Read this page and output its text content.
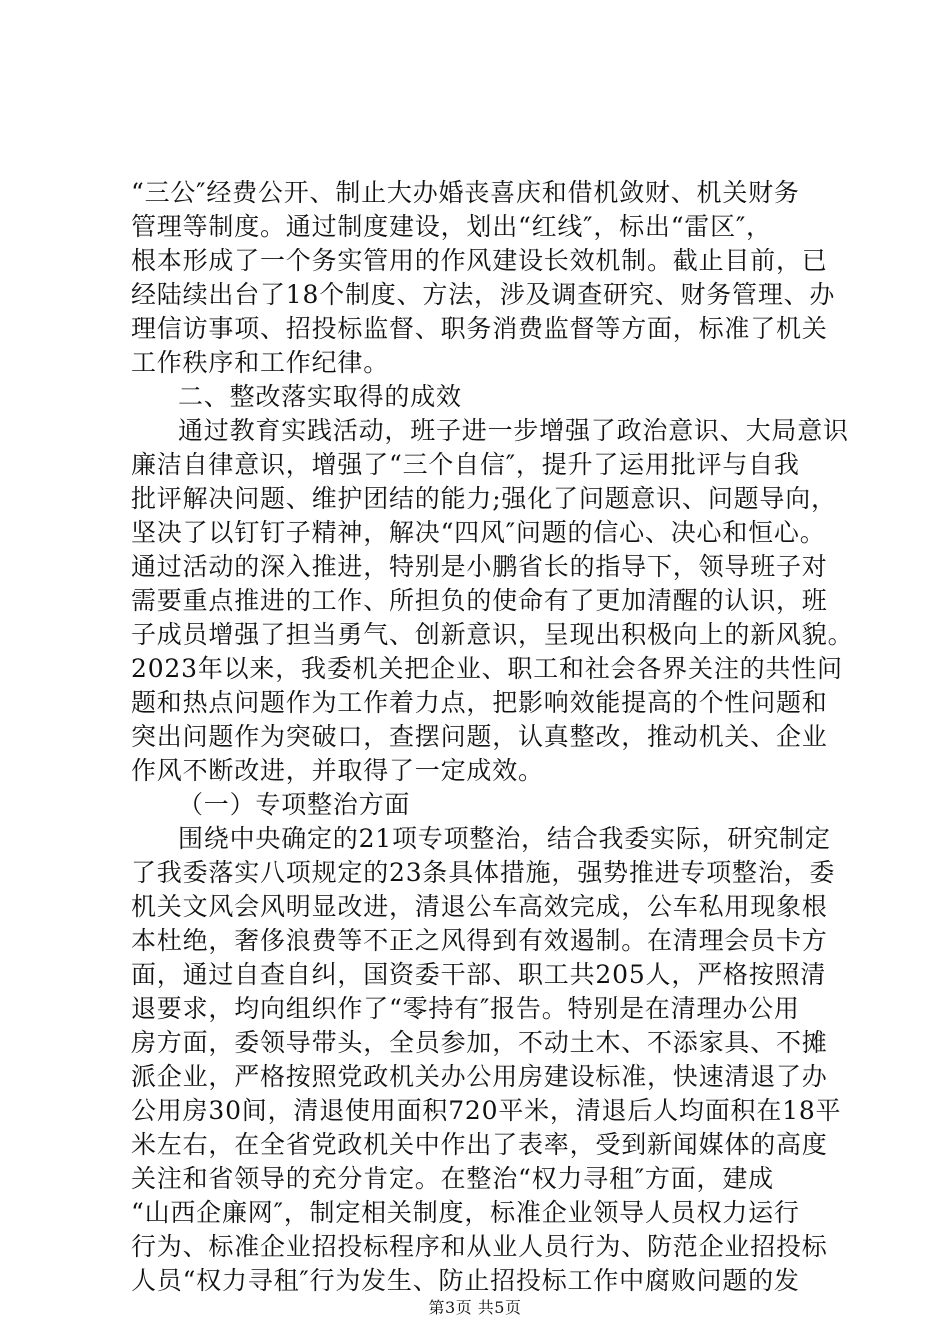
“三公″经费公开、制止大办婚丧喜庆和借机敛财、机关财务
管理等制度。通过制度建设，划出“红线″，标出“雷区″，
根本形成了一个务实管用的作风建设长效机制。截止目前，已
经陆续出台了18个制度、方法，涉及调查研究、财务管理、办
理信访事项、招投标监督、职务消费监督等方面，标准了机关
工作秩序和工作纪律。
二、整改落实取得的成效
通过教育实践活动，班子进一步增强了政治意识、大局意识
廉洁自律意识，增强了“三个自信″，提升了运用批评与自我
批评解决问题、维护团结的能力;强化了问题意识、问题导向，
坚决了以钉钉子精神，解决“四风″问题的信心、决心和恒心。
通过活动的深入推进，特别是小鹏省长的指导下，领导班子对
需要重点推进的工作、所担负的使命有了更加清醒的认识，班
子成员增强了担当勇气、创新意识，呈现出积极向上的新风貌。
2023年以来，我委机关把企业、职工和社会各界关注的共性问
题和热点问题作为工作着力点，把影响效能提高的个性问题和
突出问题作为突破口，查摆问题，认真整改，推动机关、企业
作风不断改进，并取得了一定成效。
（一）专项整治方面
围绕中央确定的21项专项整治，结合我委实际，研究制定
了我委落实八项规定的23条具体措施，强势推进专项整治，委
机关文风会风明显改进，清退公车高效完成，公车私用现象根
本杜绝，奢侈浪费等不正之风得到有效遏制。在清理会员卡方
面，通过自查自纠，国资委干部、职工共205人，严格按照清
退要求，均向组织作了“零持有″报告。特别是在清理办公用
房方面，委领导带头，全员参加，不动土木、不添家具、不摊
派企业，严格按照党政机关办公用房建设标准，快速清退了办
公用房30间，清退使用面积720平米，清退后人均面积在18平
米左右，在全省党政机关中作出了表率，受到新闻媒体的高度
关注和省领导的充分肯定。在整治“权力寻租″方面，建成
“山西企廉网″，制定相关制度，标准企业领导人员权力运行
行为、标准企业招投标程序和从业人员行为、防范企业招投标
人员“权力寻租″行为发生、防止招投标工作中腐败问题的发
第3页 共5页
